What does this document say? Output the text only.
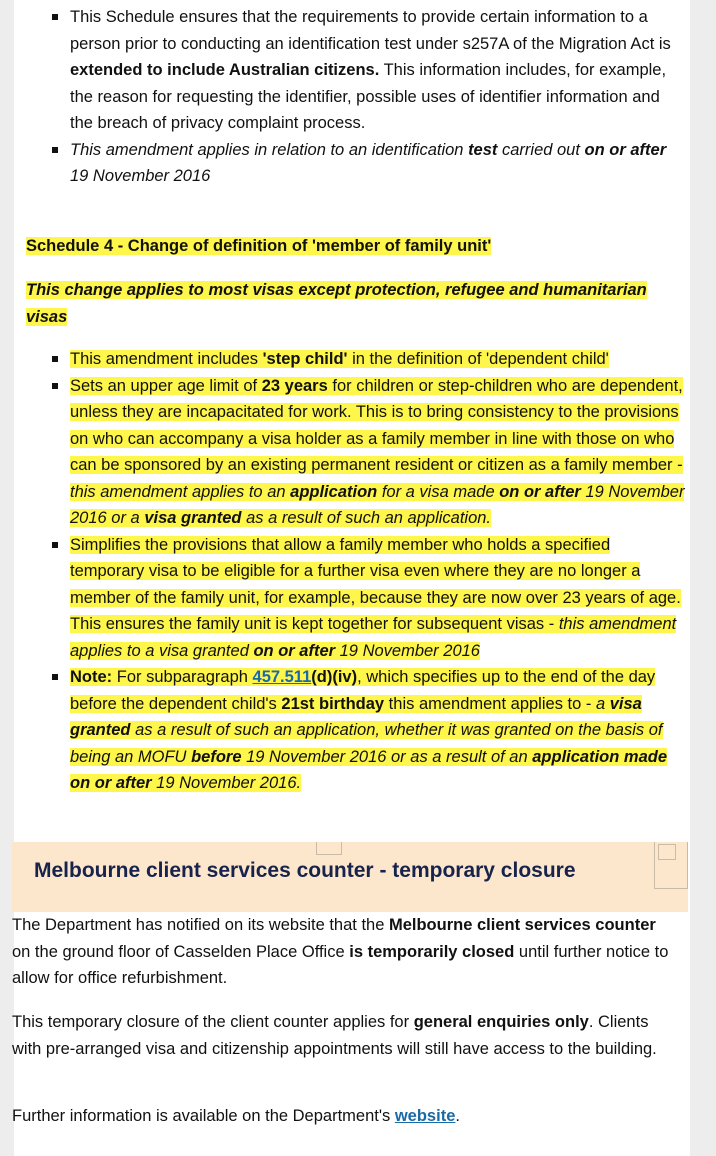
This Schedule ensures that the requirements to provide certain information to a person prior to conducting an identification test under s257A of the Migration Act is extended to include Australian citizens. This information includes, for example, the reason for requesting the identifier, possible uses of identifier information and the breach of privacy complaint process.
This amendment applies in relation to an identification test carried out on or after 19 November 2016
Schedule 4 - Change of definition of 'member of family unit'
This change applies to most visas except protection, refugee and humanitarian visas
This amendment includes 'step child' in the definition of 'dependent child'
Sets an upper age limit of 23 years for children or step-children who are dependent, unless they are incapacitated for work. This is to bring consistency to the provisions on who can accompany a visa holder as a family member in line with those on who can be sponsored by an existing permanent resident or citizen as a family member - this amendment applies to an application for a visa made on or after 19 November 2016 or a visa granted as a result of such an application.
Simplifies the provisions that allow a family member who holds a specified temporary visa to be eligible for a further visa even where they are no longer a member of the family unit, for example, because they are now over 23 years of age. This ensures the family unit is kept together for subsequent visas - this amendment applies to a visa granted on or after 19 November 2016
Note: For subparagraph 457.511(d)(iv), which specifies up to the end of the day before the dependent child's 21st birthday this amendment applies to - a visa granted as a result of such an application, whether it was granted on the basis of being an MOFU before 19 November 2016 or as a result of an application made on or after 19 November 2016.
Melbourne client services counter - temporary closure
The Department has notified on its website that the Melbourne client services counter on the ground floor of Casselden Place Office is temporarily closed until further notice to allow for office refurbishment.
This temporary closure of the client counter applies for general enquiries only. Clients with pre-arranged visa and citizenship appointments will still have access to the building.
Further information is available on the Department's website.
